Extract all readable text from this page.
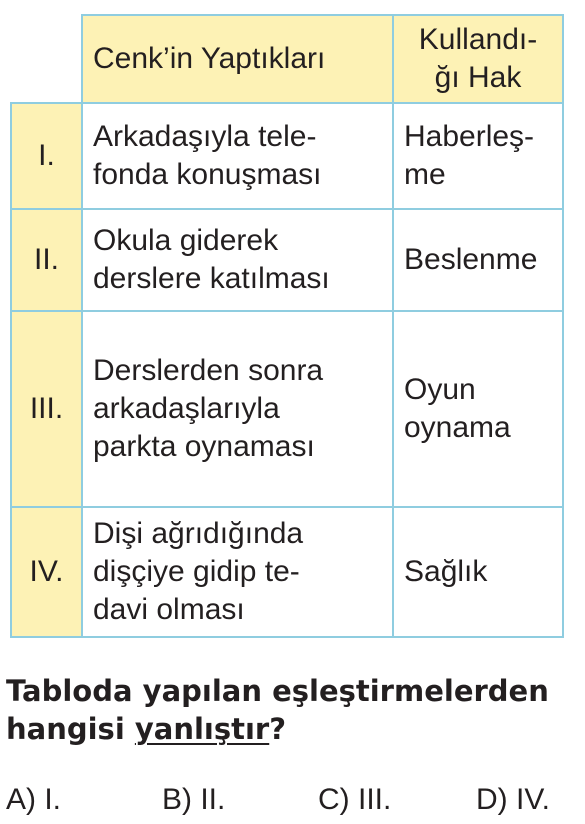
	Cenk’in Yaptıkları	Kullandı-
ğı Hak

I.	Arkadaşıyla tele-
fonda konuşması	Haberleş-
me

II.	Okula giderek
derslere katılması	Beslenme

III.	Derslerden sonra
arkadaşlarıyla
parkta oynaması	Oyun
oynama

IV.	Dişi ağrıdığında
dişçiye gidip te-
davi olması	Sağlık

Tabloda yapılan eşleştirmelerden hangisi yanlıştır?

A) I.	B) II.	C) III.	D) IV.
